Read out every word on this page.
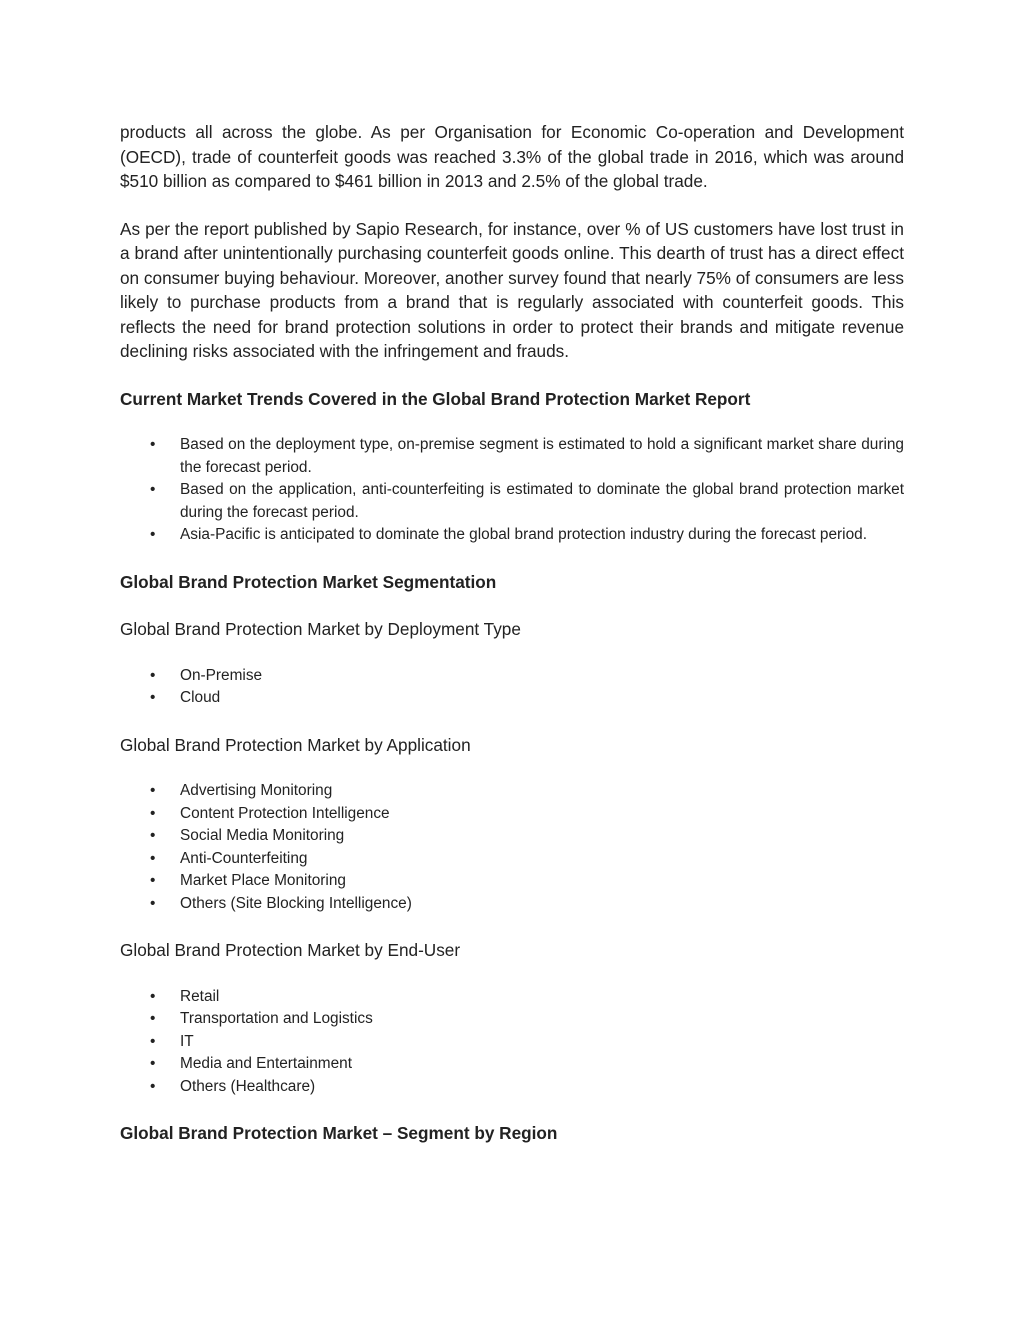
products all across the globe. As per Organisation for Economic Co-operation and Development (OECD), trade of counterfeit goods was reached 3.3% of the global trade in 2016, which was around $510 billion as compared to $461 billion in 2013 and 2.5% of the global trade.

As per the report published by Sapio Research, for instance, over % of US customers have lost trust in a brand after unintentionally purchasing counterfeit goods online. This dearth of trust has a direct effect on consumer buying behaviour. Moreover, another survey found that nearly 75% of consumers are less likely to purchase products from a brand that is regularly associated with counterfeit goods. This reflects the need for brand protection solutions in order to protect their brands and mitigate revenue declining risks associated with the infringement and frauds.

Current Market Trends Covered in the Global Brand Protection Market Report
• Based on the deployment type, on-premise segment is estimated to hold a significant market share during the forecast period.
• Based on the application, anti-counterfeiting is estimated to dominate the global brand protection market during the forecast period.
• Asia-Pacific is anticipated to dominate the global brand protection industry during the forecast period.
Global Brand Protection Market Segmentation

Global Brand Protection Market by Deployment Type

• On-Premise
• Cloud

Global Brand Protection Market by Application

• Advertising Monitoring
• Content Protection Intelligence
• Social Media Monitoring
• Anti-Counterfeiting
• Market Place Monitoring
• Others (Site Blocking Intelligence)

Global Brand Protection Market by End-User

• Retail
• Transportation and Logistics
• IT
• Media and Entertainment
• Others (Healthcare)
Global Brand Protection Market – Segment by Region
